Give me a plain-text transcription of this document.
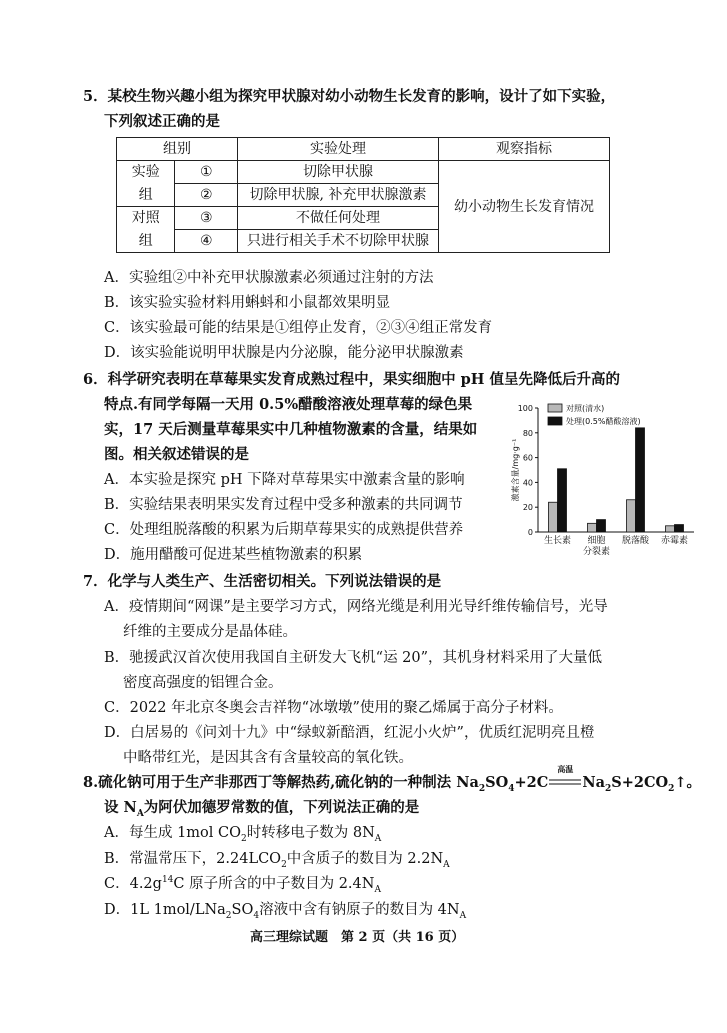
5．某校生物兴趣小组为探究甲状腺对幼小动物生长发育的影响，设计了如下实验，
下列叙述正确的是
组别		实验处理	观察指标
实验	①	切除甲状腺	幼小动物生长发育情况
组	②	切除甲状腺, 补充甲状腺激素	
对照	③	不做任何处理	
组	④	只进行相关手术不切除甲状腺	
A．实验组②中补充甲状腺激素必须通过注射的方法
B．该实验实验材料用蝌蚪和小鼠都效果明显
C．该实验最可能的结果是①组停止发育，②③④组正常发育
D．该实验能说明甲状腺是内分泌腺，能分泌甲状腺激素
6．科学研究表明在草莓果实发育成熟过程中，果实细胞中 pH 值呈先降低后升高的
特点.有同学每隔一天用 0.5%醋酸溶液处理草莓的绿色果
实，17 天后测量草莓果实中几种植物激素的含量，结果如
图。相关叙述错误的是
A．本实验是探究 pH 下降对草莓果实中激素含量的影响
B．实验结果表明果实发育过程中受多种激素的共同调节
C．处理组脱落酸的积累为后期草莓果实的成熟提供营养
D．施用醋酸可促进某些植物激素的积累
0
20
40
60
80
100
激素含量/mg·g⁻¹
生长素 细胞
分裂素
脱落酸 赤霉素
对照(清水)
处理(0.5%醋酸溶液)
7．化学与人类生产、生活密切相关。下列说法错误的是
A．疫情期间“网课”是主要学习方式，网络光缆是利用光导纤维传输信号，光导
纤维的主要成分是晶体硅。
B．驰援武汉首次使用我国自主研发大飞机“运 20”，其机身材料采用了大量低
密度高强度的铝锂合金。
C．2022 年北京冬奥会吉祥物“冰墩墩”使用的聚乙烯属于高分子材料。
D．白居易的《问刘十九》中“绿蚁新醅酒，红泥小火炉”，优质红泥明亮且橙
中略带红光，是因其含有含量较高的氧化铁。
8.硫化钠可用于生产非那西丁等解热药,硫化钠的一种制法 $Na_2SO_4+2C$
高温
$Na_2S+2CO_2↑$。
设 $N_A$为阿伏加德罗常数的值，下列说法正确的是
A．每生成 1mol $CO_2$时转移电子数为 $8N_A$
B．常温常压下，$2.24LCO_2$中含质子的数目为 $2.2N_A$
C．$4.2g^{14}C$ 原子所含的中子数目为 $2.4N_A$
D．1L $1mol/LNa_2SO_4$溶液中含有钠原子的数目为 $4N_A$
高三理综试题　第 2 页（共 16 页）
